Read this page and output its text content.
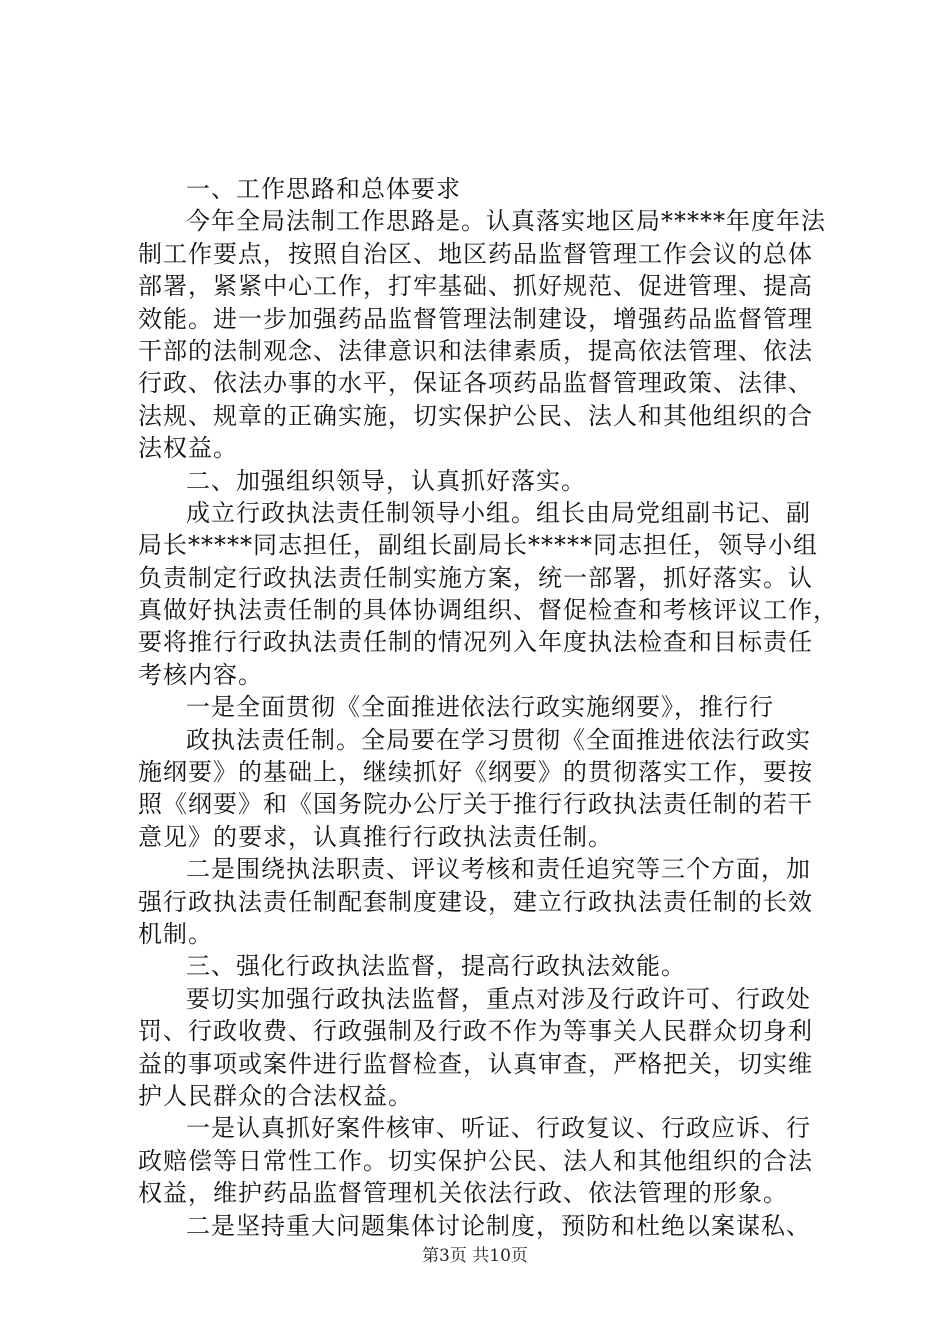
一、工作思路和总体要求
今年全局法制工作思路是。认真落实地区局*****年度年法
制工作要点，按照自治区、地区药品监督管理工作会议的总体
部署，紧紧中心工作，打牢基础、抓好规范、促进管理、提高
效能。进一步加强药品监督管理法制建设，增强药品监督管理
干部的法制观念、法律意识和法律素质，提高依法管理、依法
行政、依法办事的水平，保证各项药品监督管理政策、法律、
法规、规章的正确实施，切实保护公民、法人和其他组织的合
法权益。
二、加强组织领导，认真抓好落实。
成立行政执法责任制领导小组。组长由局党组副书记、副
局长*****同志担任，副组长副局长*****同志担任，领导小组
负责制定行政执法责任制实施方案，统一部署，抓好落实。认
真做好执法责任制的具体协调组织、督促检查和考核评议工作，
要将推行行政执法责任制的情况列入年度执法检查和目标责任
考核内容。
一是全面贯彻《全面推进依法行政实施纲要》，推行行
政执法责任制。全局要在学习贯彻《全面推进依法行政实
施纲要》的基础上，继续抓好《纲要》的贯彻落实工作，要按
照《纲要》和《国务院办公厅关于推行行政执法责任制的若干
意见》的要求，认真推行行政执法责任制。
二是围绕执法职责、评议考核和责任追究等三个方面，加
强行政执法责任制配套制度建设，建立行政执法责任制的长效
机制。
三、强化行政执法监督，提高行政执法效能。
要切实加强行政执法监督，重点对涉及行政许可、行政处
罚、行政收费、行政强制及行政不作为等事关人民群众切身利
益的事项或案件进行监督检查，认真审查，严格把关，切实维
护人民群众的合法权益。
一是认真抓好案件核审、听证、行政复议、行政应诉、行
政赔偿等日常性工作。切实保护公民、法人和其他组织的合法
权益，维护药品监督管理机关依法行政、依法管理的形象。
二是坚持重大问题集体讨论制度，预防和杜绝以案谋私、
第3页 共10页
